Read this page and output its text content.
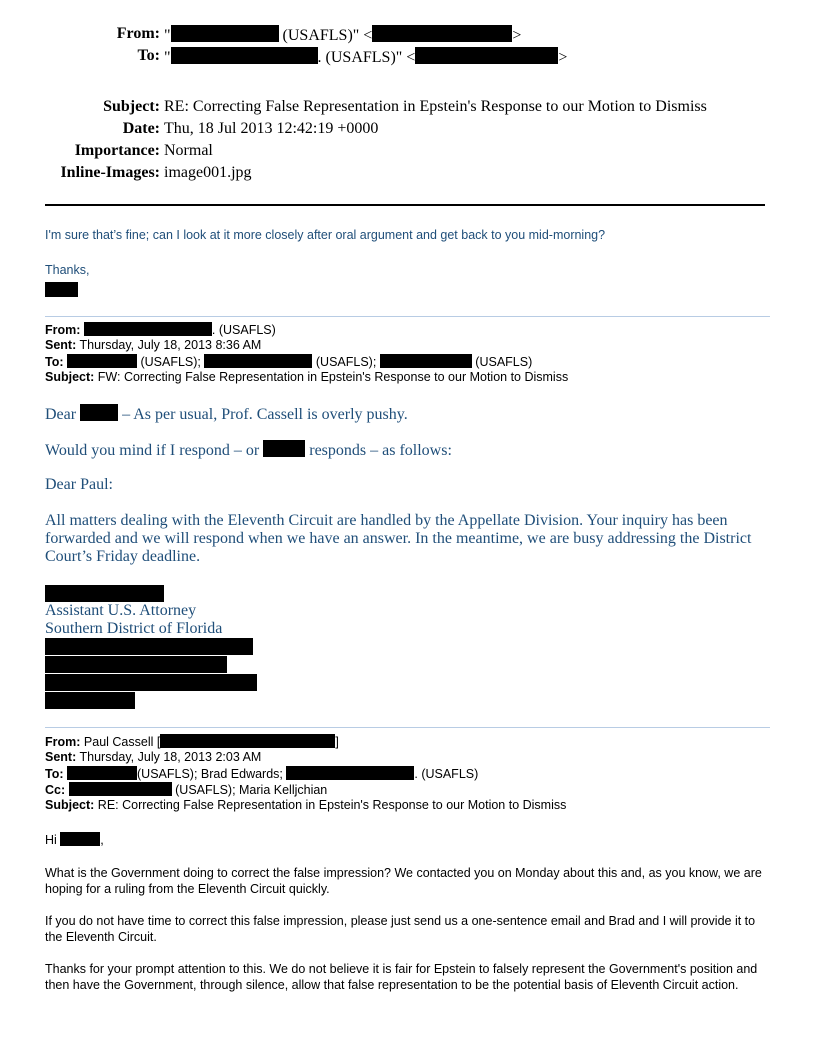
From: "	(USAFLS)" <	>
To: "	. (USAFLS)" <	>
Subject: RE: Correcting False Representation in Epstein's Response to our Motion to Dismiss
Date: Thu, 18 Jul 2013 12:42:19 +0000
Importance: Normal
Inline-Images: image001.jpg
I'm sure that’s fine; can I look at it more closely after oral argument and get back to you mid-morning?
Thanks,
From:	. (USAFLS)
Sent: Thursday, July 18, 2013 8:36 AM
To:	(USAFLS);	(USAFLS);	(USAFLS)
Subject: FW: Correcting False Representation in Epstein's Response to our Motion to Dismiss
Dear	– As per usual, Prof. Cassell is overly pushy.
Would you mind if I respond – or	responds – as follows:
Dear Paul:
All matters dealing with the Eleventh Circuit are handled by the Appellate Division. Your inquiry has been forwarded and we will respond when we have an answer. In the meantime, we are busy addressing the District Court’s Friday deadline.
Assistant U.S. Attorney
Southern District of Florida
From: Paul Cassell [	]
Sent: Thursday, July 18, 2013 2:03 AM
To:	(USAFLS); Brad Edwards;	. (USAFLS)
Cc:	(USAFLS); Maria Kelljchian
Subject: RE: Correcting False Representation in Epstein's Response to our Motion to Dismiss
Hi	,
What is the Government doing to correct the false impression? We contacted you on Monday about this and, as you know, we are hoping for a ruling from the Eleventh Circuit quickly.
If you do not have time to correct this false impression, please just send us a one-sentence email and Brad and I will provide it to the Eleventh Circuit.
Thanks for your prompt attention to this. We do not believe it is fair for Epstein to falsely represent the Government's position and then have the Government, through silence, allow that false representation to be the potential basis of Eleventh Circuit action.
